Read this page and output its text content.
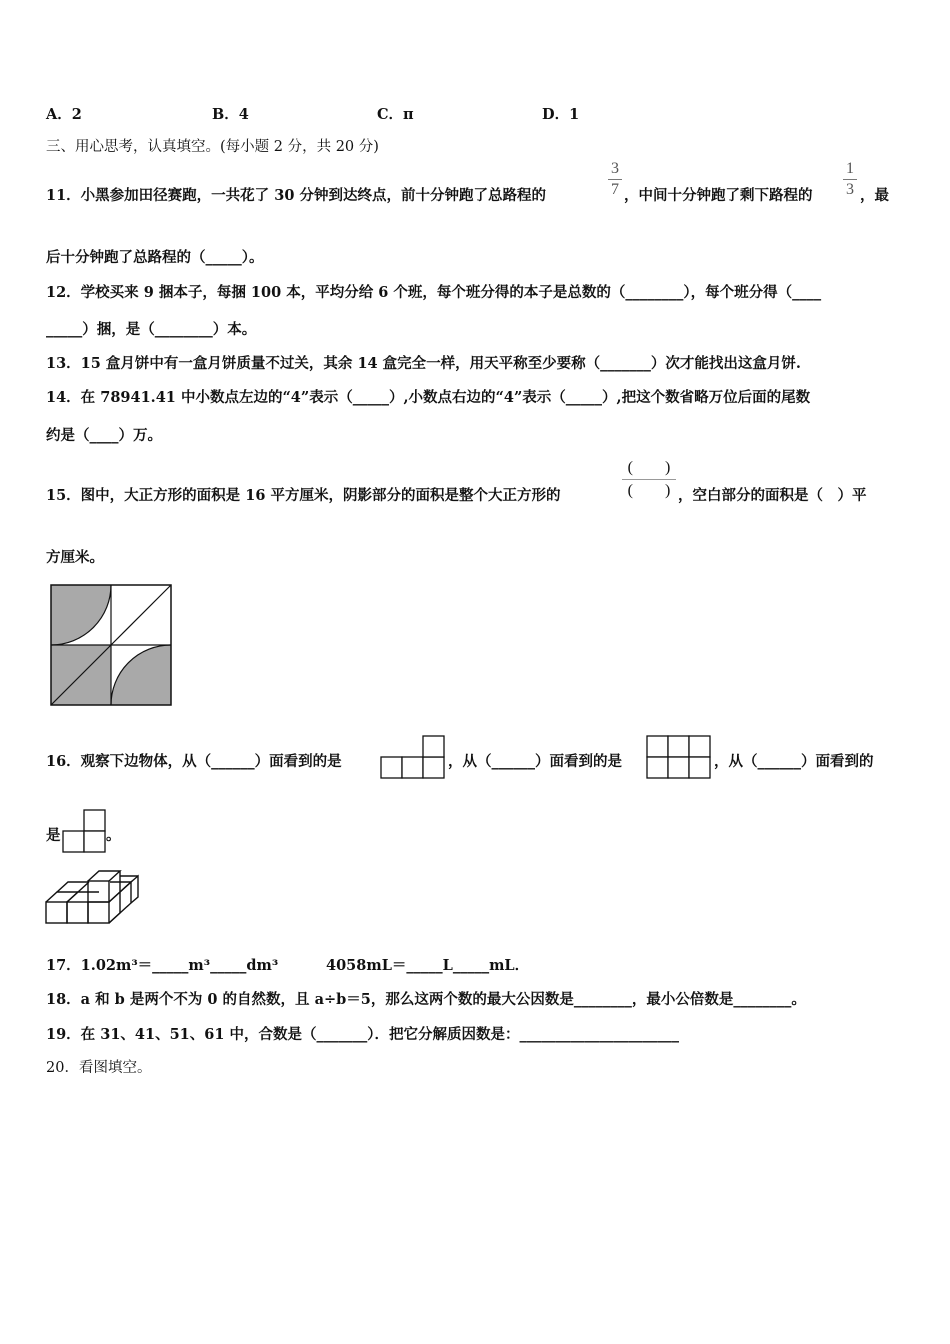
A．2	B．4	C．π	D．1
三、用心思考，认真填空。(每小题 2 分，共 20 分)
11．小黑参加田径赛跑，一共花了 30 分钟到达终点，前十分钟跑了总路程的
3
7 ，中间十分钟跑了剩下路程的
1
3 ，最
后十分钟跑了总路程的（_____）。
12．学校买来 9 捆本子，每捆 100 本，平均分给 6 个班，每个班分得的本子是总数的（________），每个班分得（____
_____）捆，是（________）本。
13．15 盒月饼中有一盒月饼质量不过关，其余 14 盒完全一样，用天平称至少要称（_______）次才能找出这盒月饼.
14．在 78941.41 中小数点左边的“4”表示（_____）,小数点右边的“4”表示（_____）,把这个数省略万位后面的尾数
约是（____）万。
15．图中，大正方形的面积是 16 平方厘米，阴影部分的面积是整个大正方形的
(　　)
(　　) ，空白部分的面积是（　）平
方厘米。
16．观察下边物体，从（______）面看到的是	，从（______）面看到的是	，从（______）面看到的
是	。
17．1.02m³＝_____m³_____dm³	4058mL＝_____L_____mL．
18．a 和 b 是两个不为 0 的自然数，且 a÷b＝5，那么这两个数的最大公因数是________，最小公倍数是________。
19．在 31、41、51、61 中，合数是（_______）．把它分解质因数是：______________________
20．看图填空。
